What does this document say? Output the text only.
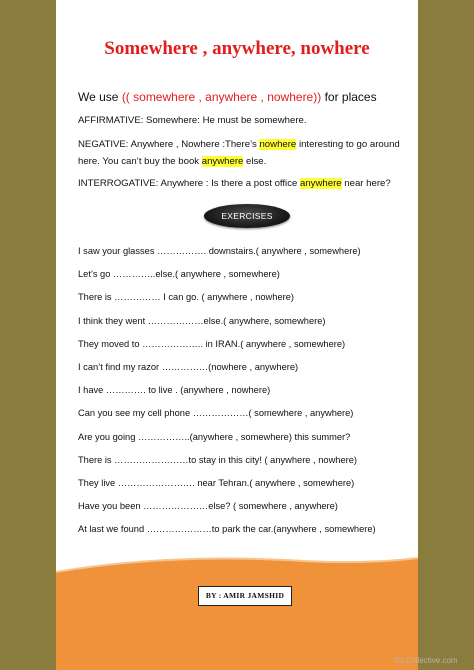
Somewhere , anywhere, nowhere
We use (( somewhere , anywhere , nowhere)) for places
AFFIRMATIVE: Somewhere: He must be somewhere.
NEGATIVE: Anywhere , Nowhere :There’s nowhere interesting to go around here. You can’t buy the book anywhere else.
INTERROGATIVE: Anywhere : Is there a post office anywhere near here?
EXERCISES
I saw your glasses ……………. downstairs.( anywhere , somewhere)
Let’s go …………..else.( anywhere , somewhere)
There is …………… I can go. ( anywhere , nowhere)
I think they went ………………else.( anywhere, somewhere)
They moved to ……………….. in IRAN.( anywhere , somewhere)
I can’t find my razor ……………(nowhere , anywhere)
I have …………. to live . (anywhere , nowhere)
Can you see my cell phone ………………( somewhere , anywhere)
Are you going ……………..(anywhere , somewhere) this summer?
There is ……………………to stay in this city! ( anywhere , nowhere)
They live ……………………. near Tehran.( anywhere , somewhere)
Have you been …………………else? ( somewhere , anywhere)
At last we found …………………to park the car.(anywhere , somewhere)
BY : AMIR JAMSHID
iSLCollective.com
